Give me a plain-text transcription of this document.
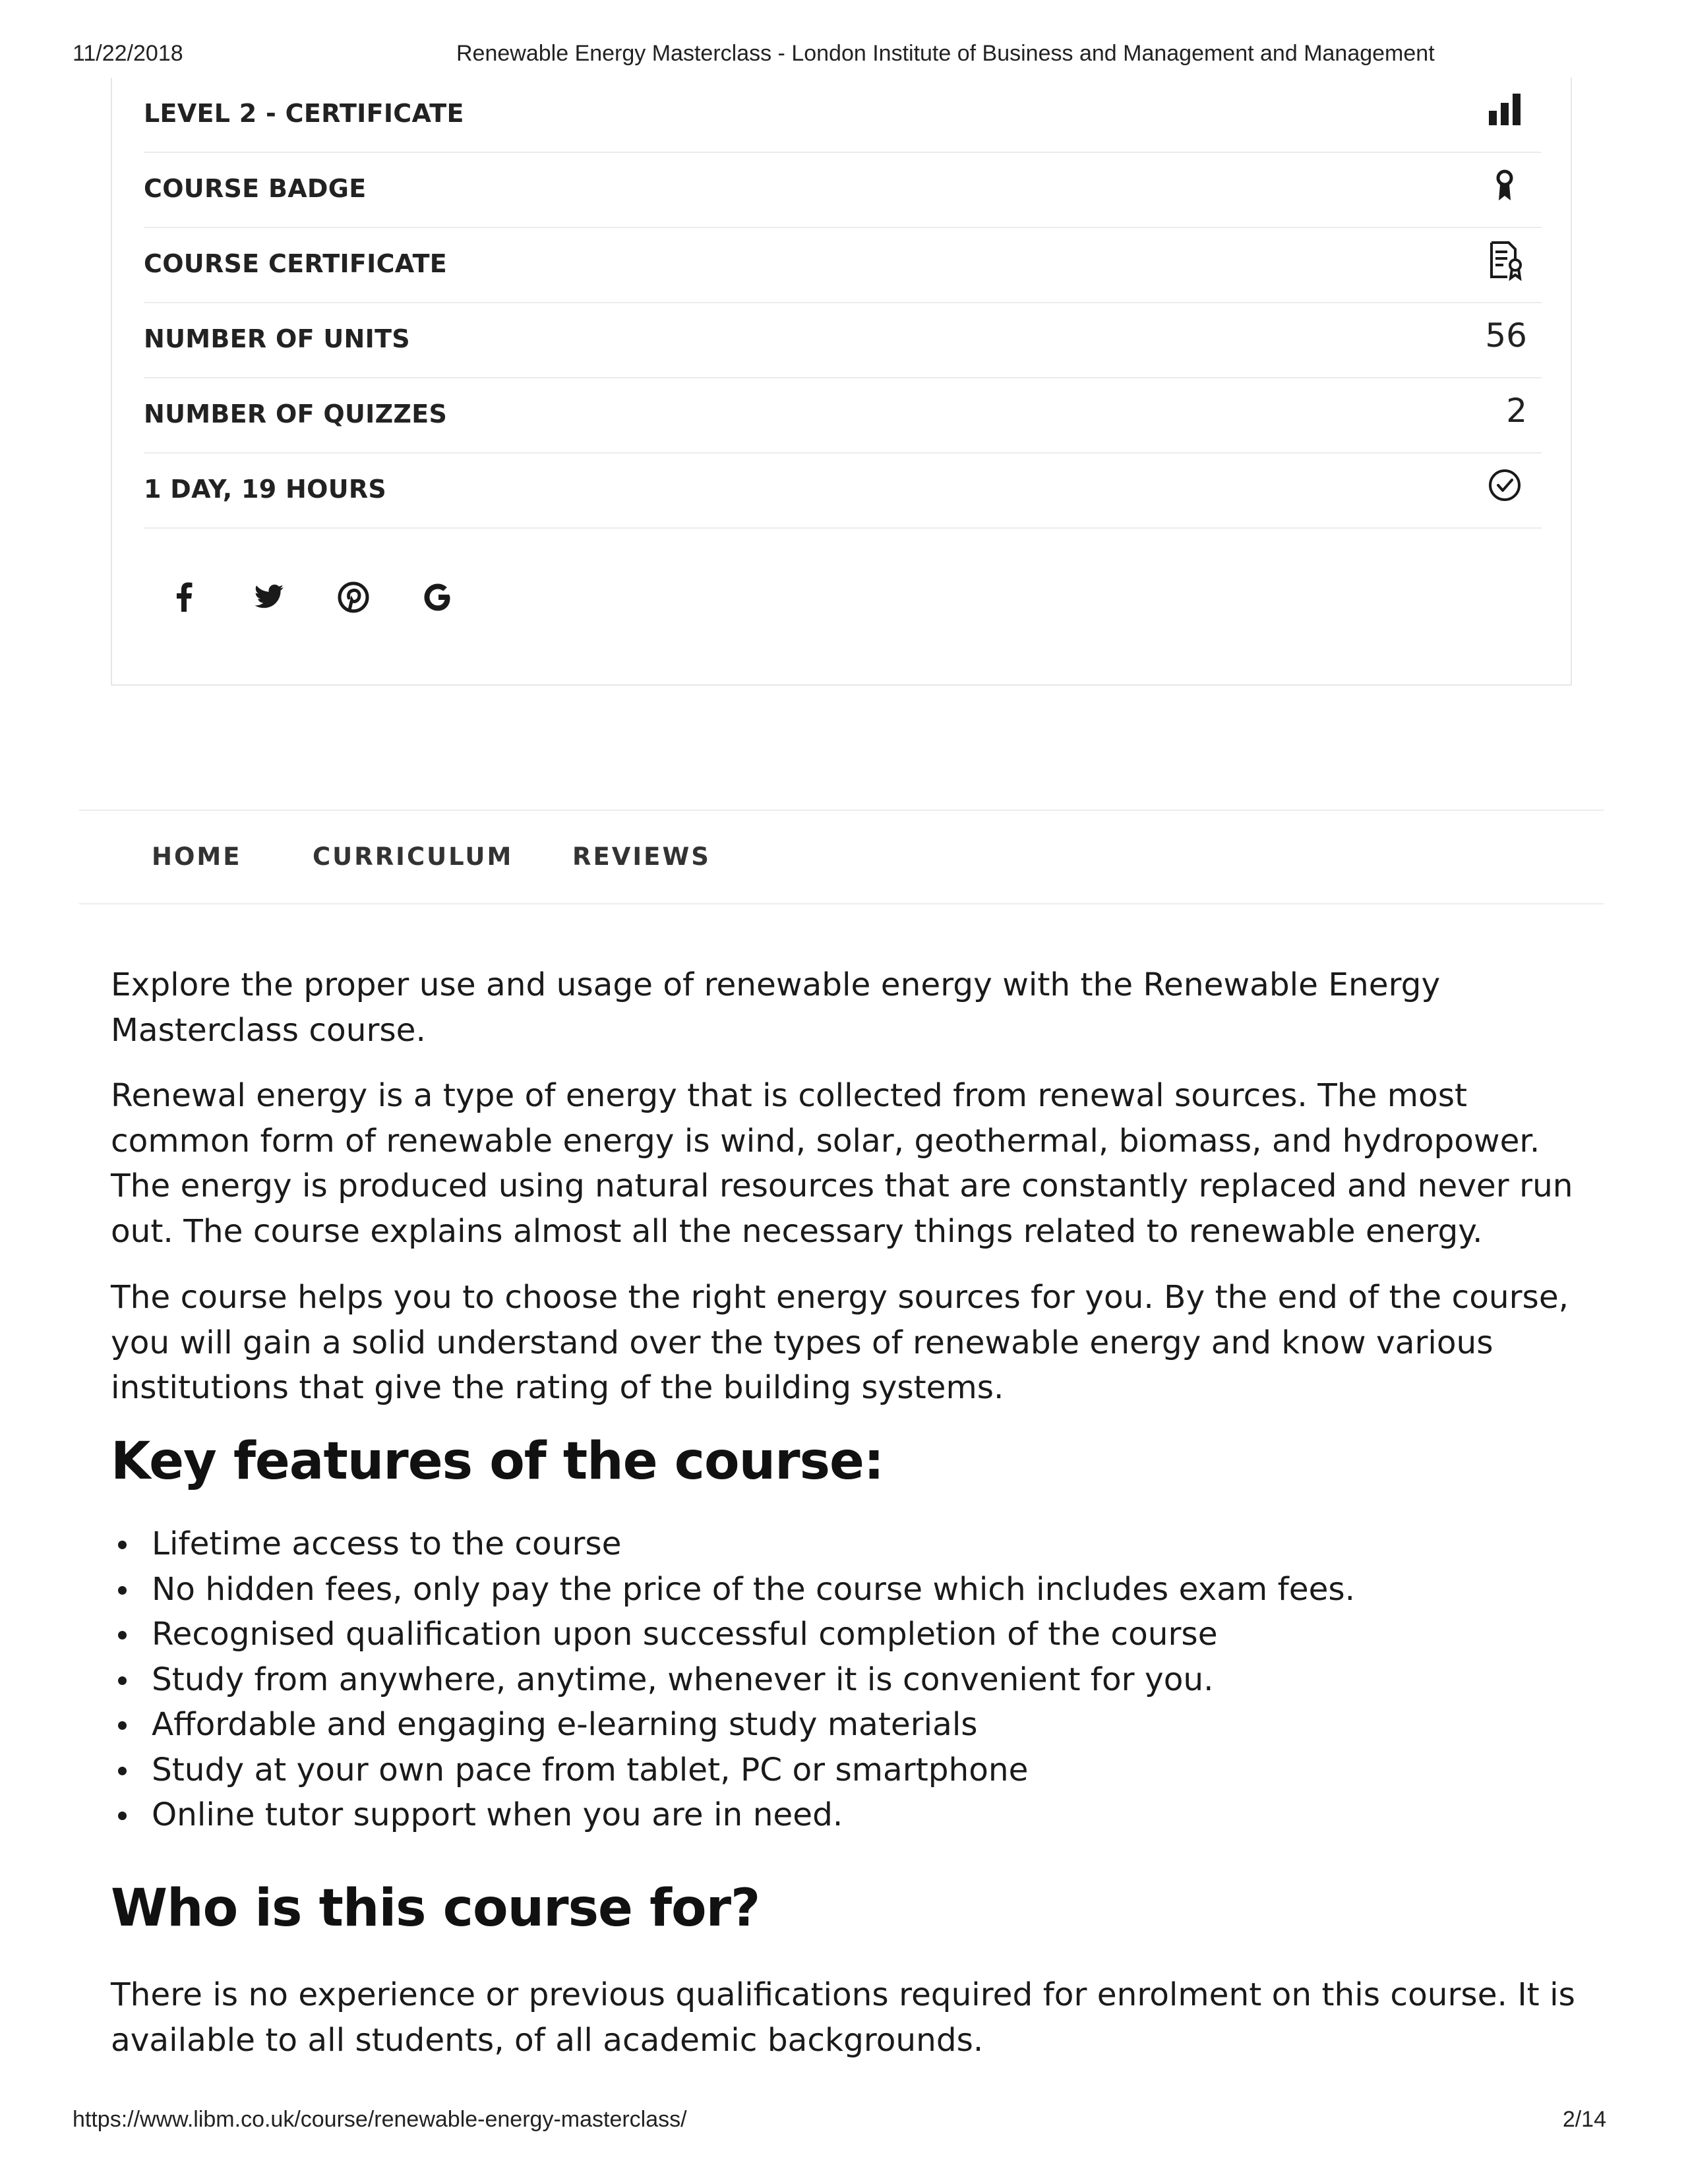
11/22/2018	Renewable Energy Masterclass - London Institute of Business and Management and Management
LEVEL 2 - CERTIFICATE
COURSE BADGE
COURSE CERTIFICATE
NUMBER OF UNITS	56
NUMBER OF QUIZZES	2
1 DAY, 19 HOURS
HOME	CURRICULUM REVIEWS

Explore the proper use and usage of renewable energy with the Renewable Energy Masterclass course.

Renewal energy is a type of energy that is collected from renewal sources. The most common form of renewable energy is wind, solar, geothermal, biomass, and hydropower. The energy is produced using natural resources that are constantly replaced and never run out. The course explains almost all the necessary things related to renewable energy.

The course helps you to choose the right energy sources for you. By the end of the course, you will gain a solid understand over the types of renewable energy and know various institutions that give the rating of the building systems.

Key features of the course:
Lifetime access to the course
No hidden fees, only pay the price of the course which includes exam fees.
Recognised qualification upon successful completion of the course
Study from anywhere, anytime, whenever it is convenient for you.
Affordable and engaging e-learning study materials
Study at your own pace from tablet, PC or smartphone
Online tutor support when you are in need.
Who is this course for?

There is no experience or previous qualifications required for enrolment on this course. It is available to all students, of all academic backgrounds.

https://www.libm.co.uk/course/renewable-energy-masterclass/	2/14
